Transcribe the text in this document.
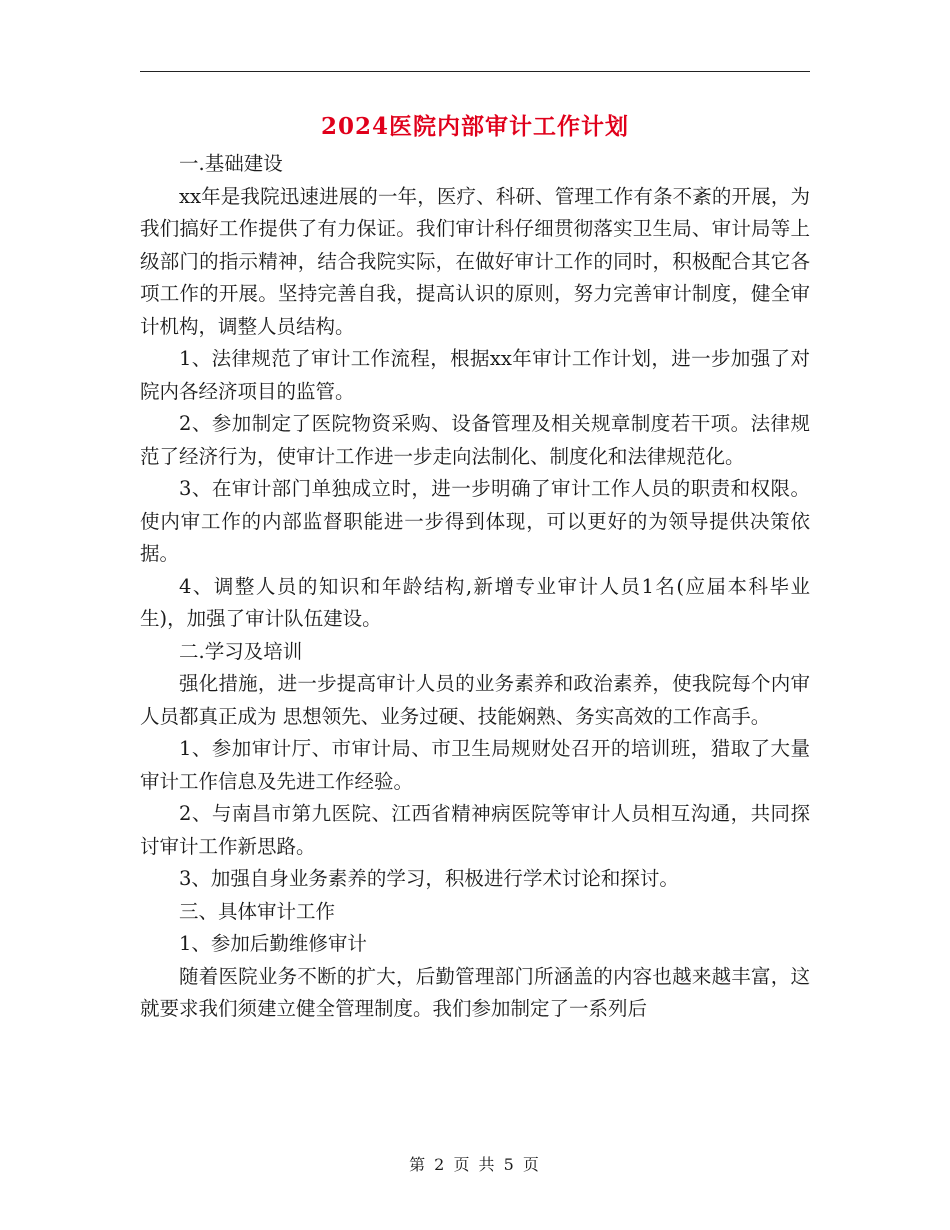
2024医院内部审计工作计划

一.基础建设

xx年是我院迅速进展的一年，医疗、科研、管理工作有条不紊的开展，为我们搞好工作提供了有力保证。我们审计科仔细贯彻落实卫生局、审计局等上级部门的指示精神，结合我院实际，在做好审计工作的同时，积极配合其它各项工作的开展。坚持完善自我，提高认识的原则，努力完善审计制度，健全审计机构，调整人员结构。

1、法律规范了审计工作流程，根据xx年审计工作计划，进一步加强了对院内各经济项目的监管。

2、参加制定了医院物资采购、设备管理及相关规章制度若干项。法律规范了经济行为，使审计工作进一步走向法制化、制度化和法律规范化。

3、在审计部门单独成立时，进一步明确了审计工作人员的职责和权限。使内审工作的内部监督职能进一步得到体现，可以更好的为领导提供决策依据。

4、调整人员的知识和年龄结构,新增专业审计人员1名(应届本科毕业生)，加强了审计队伍建设。

二.学习及培训

强化措施，进一步提高审计人员的业务素养和政治素养，使我院每个内审人员都真正成为 思想领先、业务过硬、技能娴熟、务实高效的工作高手。

1、参加审计厅、市审计局、市卫生局规财处召开的培训班，猎取了大量审计工作信息及先进工作经验。

2、与南昌市第九医院、江西省精神病医院等审计人员相互沟通，共同探讨审计工作新思路。

3、加强自身业务素养的学习，积极进行学术讨论和探讨。

三、具体审计工作

1、参加后勤维修审计

随着医院业务不断的扩大，后勤管理部门所涵盖的内容也越来越丰富，这就要求我们须建立健全管理制度。我们参加制定了一系列后

第 2 页 共 5 页
